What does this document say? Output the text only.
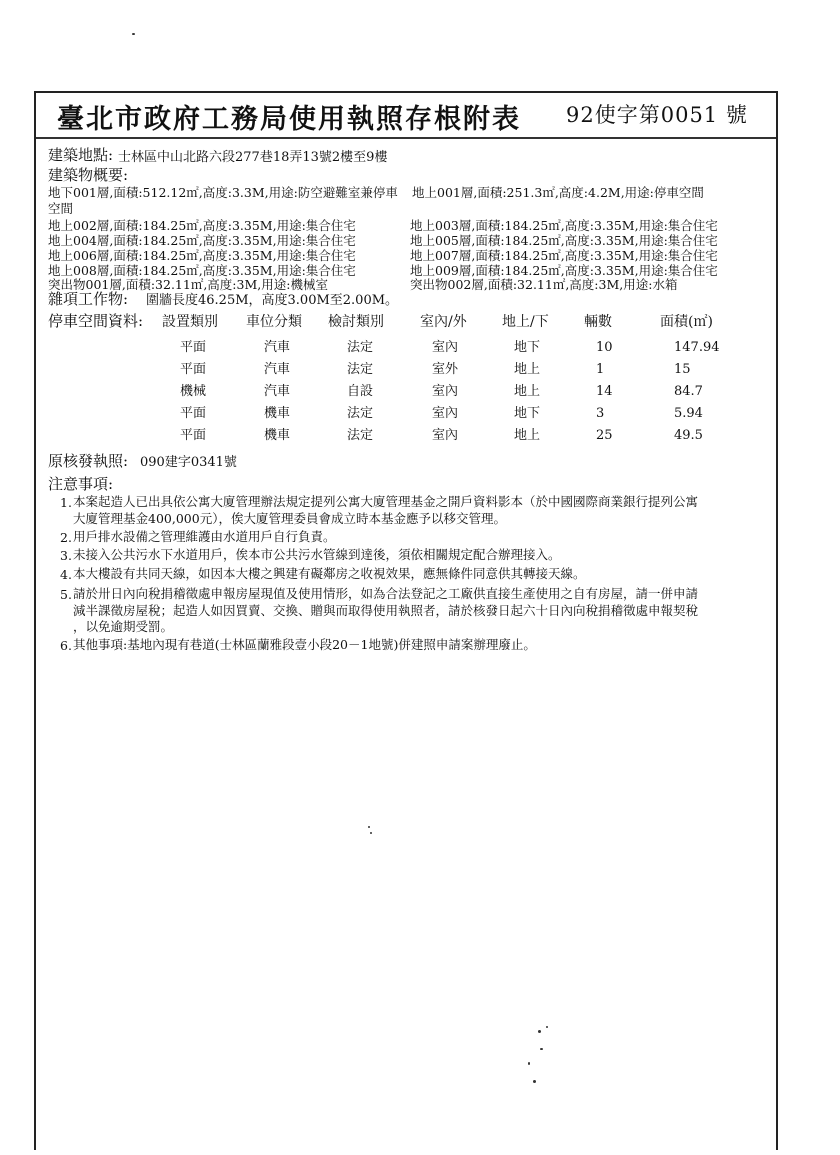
臺北市政府工務局使用執照存根附表 92使字第0051 號
建築地點: 士林區中山北路六段277巷18弄13號2樓至9樓
建築物概要:
地下001層,面積:512.12㎡,高度:3.3M,用途:防空避難室兼停車 地上001層,面積:251.3㎡,高度:4.2M,用途:停車空間
空間
地上002層,面積:184.25㎡,高度:3.35M,用途:集合住宅	地上003層,面積:184.25㎡,高度:3.35M,用途:集合住宅
地上004層,面積:184.25㎡,高度:3.35M,用途:集合住宅	地上005層,面積:184.25㎡,高度:3.35M,用途:集合住宅
地上006層,面積:184.25㎡,高度:3.35M,用途:集合住宅	地上007層,面積:184.25㎡,高度:3.35M,用途:集合住宅
地上008層,面積:184.25㎡,高度:3.35M,用途:集合住宅	地上009層,面積:184.25㎡,高度:3.35M,用途:集合住宅
突出物001層,面積:32.11㎡,高度:3M,用途:機械室	突出物002層,面積:32.11㎡,高度:3M,用途:水箱
雜項工作物: 圍牆長度46.25M，高度3.00M至2.00M。
停車空間資料: 設置類別 車位分類 檢討類別	室內/外	地上/下	輛數	面積(㎡)
平面	汽車	法定	室內	地下	10	147.94
平面	汽車	法定	室外	地上	1	15
機械	汽車	自設	室內	地上	14	84.7
平面	機車	法定	室內	地下	3	5.94
平面	機車	法定	室內	地上	25	49.5
原核發執照: 090建字0341號
注意事項:
1. 本案起造人已出具依公寓大廈管理辦法規定提列公寓大廈管理基金之開戶資料影本（於中國國際商業銀行提列公寓
大廈管理基金400,000元），俟大廈管理委員會成立時本基金應予以移交管理。
2. 用戶排水設備之管理維護由水道用戶自行負責。
3. 未接入公共污水下水道用戶，俟本市公共污水管線到達後，須依相關規定配合辦理接入。
4. 本大樓設有共同天線，如因本大樓之興建有礙鄰房之收視效果，應無條件同意供其轉接天線。
5. 請於卅日內向稅捐稽徵處申報房屋現值及使用情形，如為合法登記之工廠供直接生產使用之自有房屋，請一併申請
減半課徵房屋稅；起造人如因買賣、交換、贈與而取得使用執照者，請於核發日起六十日內向稅捐稽徵處申報契稅
，以免逾期受罰。
6. 其他事項:基地內現有巷道(士林區蘭雅段壹小段20－1地號)併建照申請案辦理廢止。
